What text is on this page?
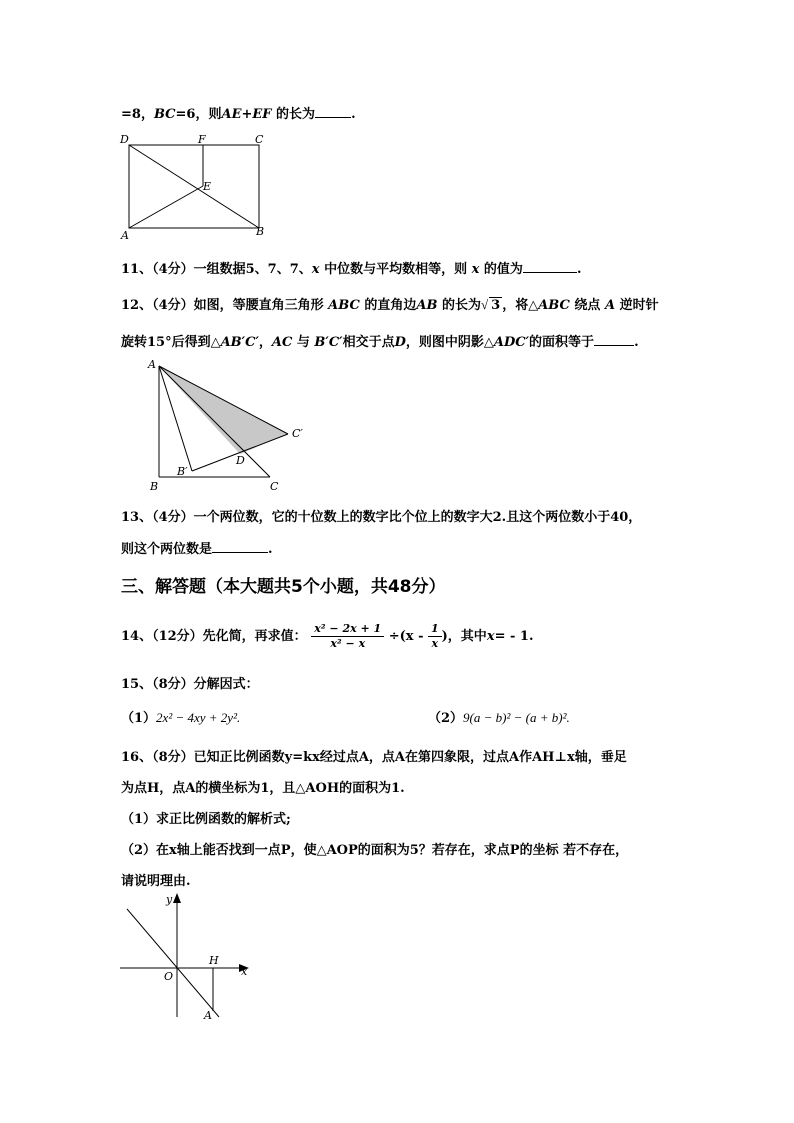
=8，BC=6，则AE+EF 的长为	.
D	F	C
E
A	B
11、（4分）一组数据5、7、7、x 中位数与平均数相等，则 x 的值为	.
12、（4分）如图，等腰直角三角形 ABC 的直角边AB 的长为√ 3 ，将△ABC 绕点 A 逆时针
旋转15°后得到△AB′C′，AC 与 B′C′相交于点D，则图中阴影△ADC′的面积等于	.
A
C′
D
B′
B	C
13、（4分）一个两位数，它的十位数上的数字比个位上的数字大2.且这个两位数小于40，
则这个两位数是	.
三、解答题（本大题共5个小题，共48分）
14、（12分）先化简，再求值： $\frac{\text{x² − 2x + 1}}{\text{x² − x}} \div(x - \frac{1}{x}$ )，其中x= - 1.
15、（8分）分解因式：
（1）2x² − 4xy + 2y².	（2）9(a − b)² − (a + b)².
16、（8分）已知正比例函数y=kx经过点A，点A在第四象限，过点A作AH⊥x轴，垂足
为点H，点A的横坐标为1，且△AOH的面积为1.
（1）求正比例函数的解析式;
（2）在x轴上能否找到一点P，使△AOP的面积为5？若存在，求点P的坐标 若不存在，
请说明理由.
y
H
x
O
A
